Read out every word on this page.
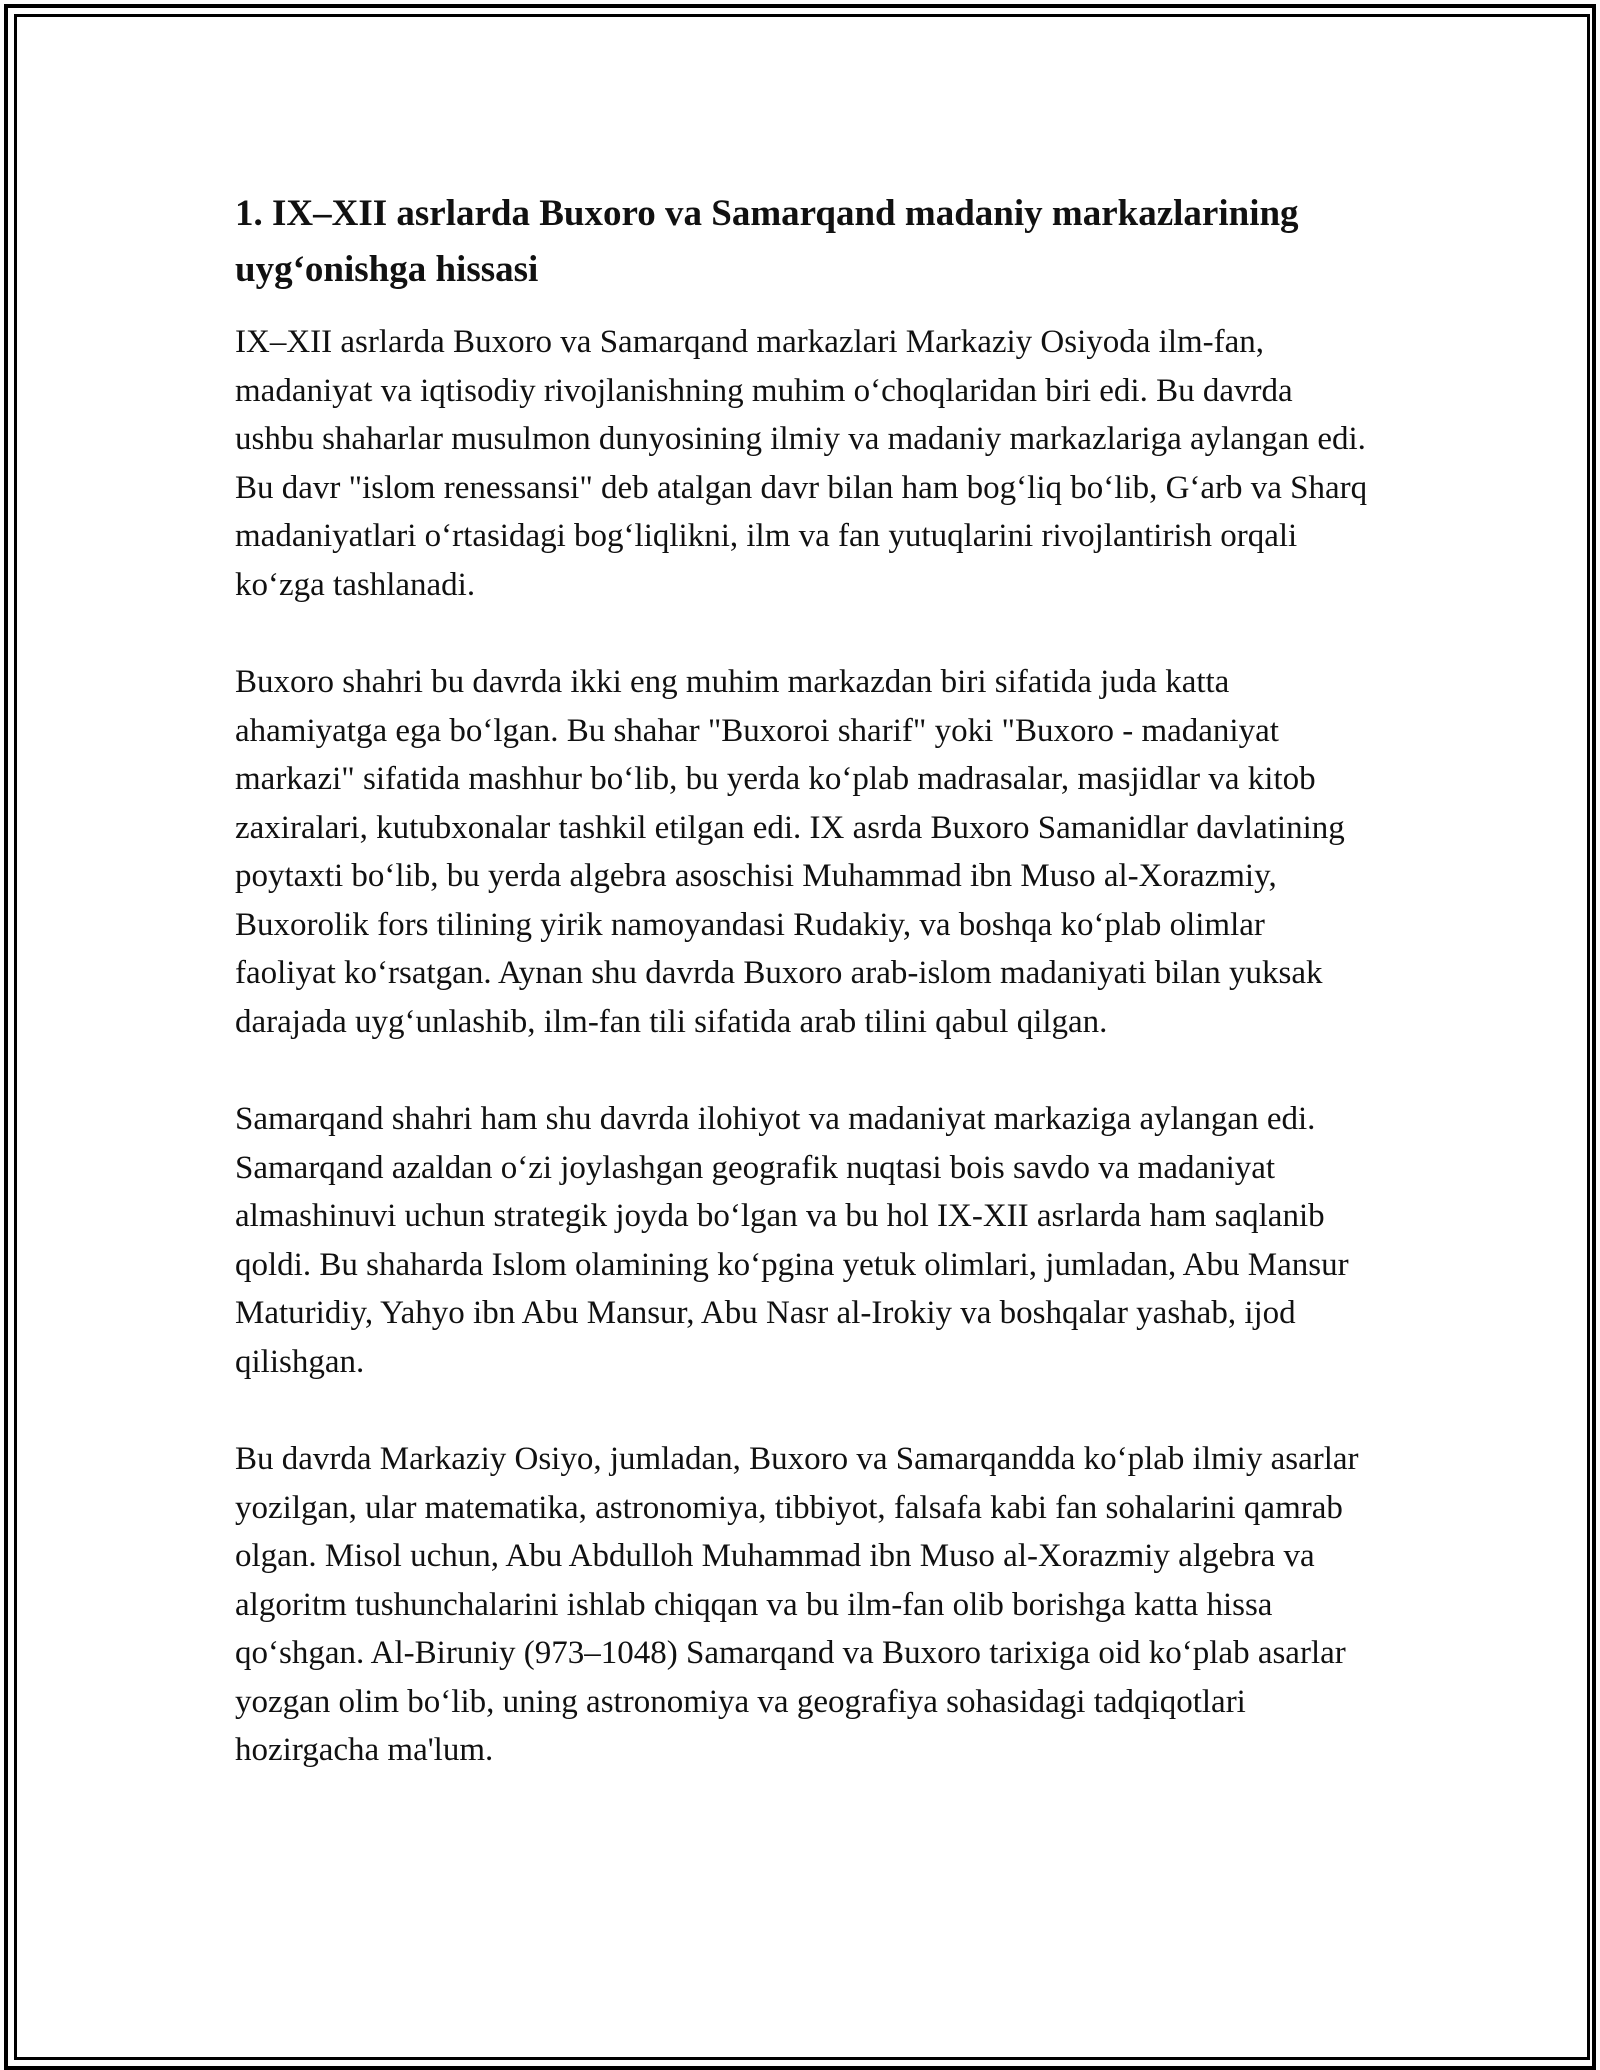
1. IX–XII asrlarda Buxoro va Samarqand madaniy markazlarining uyg‘onishga hissasi

IX–XII asrlarda Buxoro va Samarqand markazlari Markaziy Osiyoda ilm-fan, madaniyat va iqtisodiy rivojlanishning muhim o‘choqlaridan biri edi. Bu davrda ushbu shaharlar musulmon dunyosining ilmiy va madaniy markazlariga aylangan edi. Bu davr "islom renessansi" deb atalgan davr bilan ham bog‘liq bo‘lib, G‘arb va Sharq madaniyatlari o‘rtasidagi bog‘liqlikni, ilm va fan yutuqlarini rivojlantirish orqali ko‘zga tashlanadi.

Buxoro shahri bu davrda ikki eng muhim markazdan biri sifatida juda katta ahamiyatga ega bo‘lgan. Bu shahar "Buxoroi sharif" yoki "Buxoro - madaniyat markazi" sifatida mashhur bo‘lib, bu yerda ko‘plab madrasalar, masjidlar va kitob zaxiralari, kutubxonalar tashkil etilgan edi. IX asrda Buxoro Samanidlar davlatining poytaxti bo‘lib, bu yerda algebra asoschisi Muhammad ibn Muso al-Xorazmiy, Buxorolik fors tilining yirik namoyandasi Rudakiy, va boshqa ko‘plab olimlar faoliyat ko‘rsatgan. Aynan shu davrda Buxoro arab-islom madaniyati bilan yuksak darajada uyg‘unlashib, ilm-fan tili sifatida arab tilini qabul qilgan.

Samarqand shahri ham shu davrda ilohiyot va madaniyat markaziga aylangan edi. Samarqand azaldan o‘zi joylashgan geografik nuqtasi bois savdo va madaniyat almashinuvi uchun strategik joyda bo‘lgan va bu hol IX-XII asrlarda ham saqlanib qoldi. Bu shaharda Islom olamining ko‘pgina yetuk olimlari, jumladan, Abu Mansur Maturidiy, Yahyo ibn Abu Mansur, Abu Nasr al-Irokiy va boshqalar yashab, ijod qilishgan.

Bu davrda Markaziy Osiyo, jumladan, Buxoro va Samarqandda ko‘plab ilmiy asarlar yozilgan, ular matematika, astronomiya, tibbiyot, falsafa kabi fan sohalarini qamrab olgan. Misol uchun, Abu Abdulloh Muhammad ibn Muso al-Xorazmiy algebra va algoritm tushunchalarini ishlab chiqqan va bu ilm-fan olib borishga katta hissa qo‘shgan. Al-Biruniy (973–1048) Samarqand va Buxoro tarixiga oid ko‘plab asarlar yozgan olim bo‘lib, uning astronomiya va geografiya sohasidagi tadqiqotlari hozirgacha ma'lum.
